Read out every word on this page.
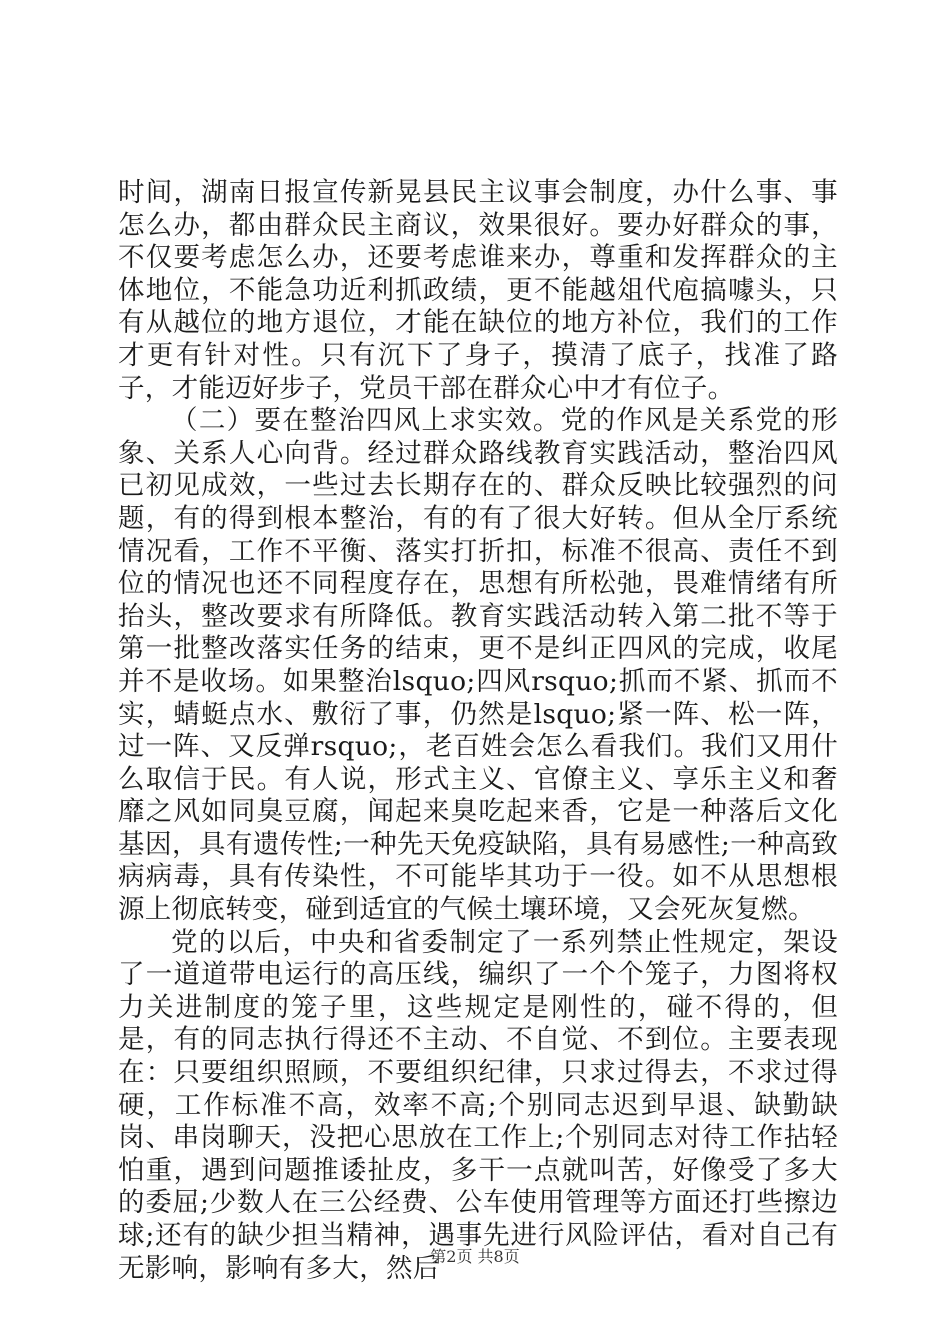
时间，湖南日报宣传新晃县民主议事会制度，办什么事、事怎么办，都由群众民主商议，效果很好。要办好群众的事，不仅要考虑怎么办，还要考虑谁来办，尊重和发挥群众的主体地位，不能急功近利抓政绩，更不能越俎代庖搞噱头，只有从越位的地方退位，才能在缺位的地方补位，我们的工作才更有针对性。只有沉下了身子，摸清了底子，找准了路子，才能迈好步子，党员干部在群众心中才有位子。

（二）要在整治四风上求实效。党的作风是关系党的形象、关系人心向背。经过群众路线教育实践活动，整治四风已初见成效，一些过去长期存在的、群众反映比较强烈的问题，有的得到根本整治，有的有了很大好转。但从全厅系统情况看，工作不平衡、落实打折扣，标准不很高、责任不到位的情况也还不同程度存在，思想有所松弛，畏难情绪有所抬头，整改要求有所降低。教育实践活动转入第二批不等于第一批整改落实任务的结束，更不是纠正四风的完成，收尾并不是收场。如果整治lsquo;四风rsquo;抓而不紧、抓而不实，蜻蜓点水、敷衍了事，仍然是lsquo;紧一阵、松一阵，过一阵、又反弹rsquo;，老百姓会怎么看我们。我们又用什么取信于民。有人说，形式主义、官僚主义、享乐主义和奢靡之风如同臭豆腐，闻起来臭吃起来香，它是一种落后文化基因，具有遗传性;一种先天免疫缺陷，具有易感性;一种高致病病毒，具有传染性，不可能毕其功于一役。如不从思想根源上彻底转变，碰到适宜的气候土壤环境，又会死灰复燃。

党的以后，中央和省委制定了一系列禁止性规定，架设了一道道带电运行的高压线，编织了一个个笼子，力图将权力关进制度的笼子里，这些规定是刚性的，碰不得的，但是，有的同志执行得还不主动、不自觉、不到位。主要表现在：只要组织照顾，不要组织纪律，只求过得去，不求过得硬，工作标准不高，效率不高;个别同志迟到早退、缺勤缺岗、串岗聊天，没把心思放在工作上;个别同志对待工作拈轻怕重，遇到问题推诿扯皮，多干一点就叫苦，好像受了多大的委屈;少数人在三公经费、公车使用管理等方面还打些擦边球;还有的缺少担当精神，遇事先进行风险评估，看对自己有无影响，影响有多大，然后

第2页 共8页
